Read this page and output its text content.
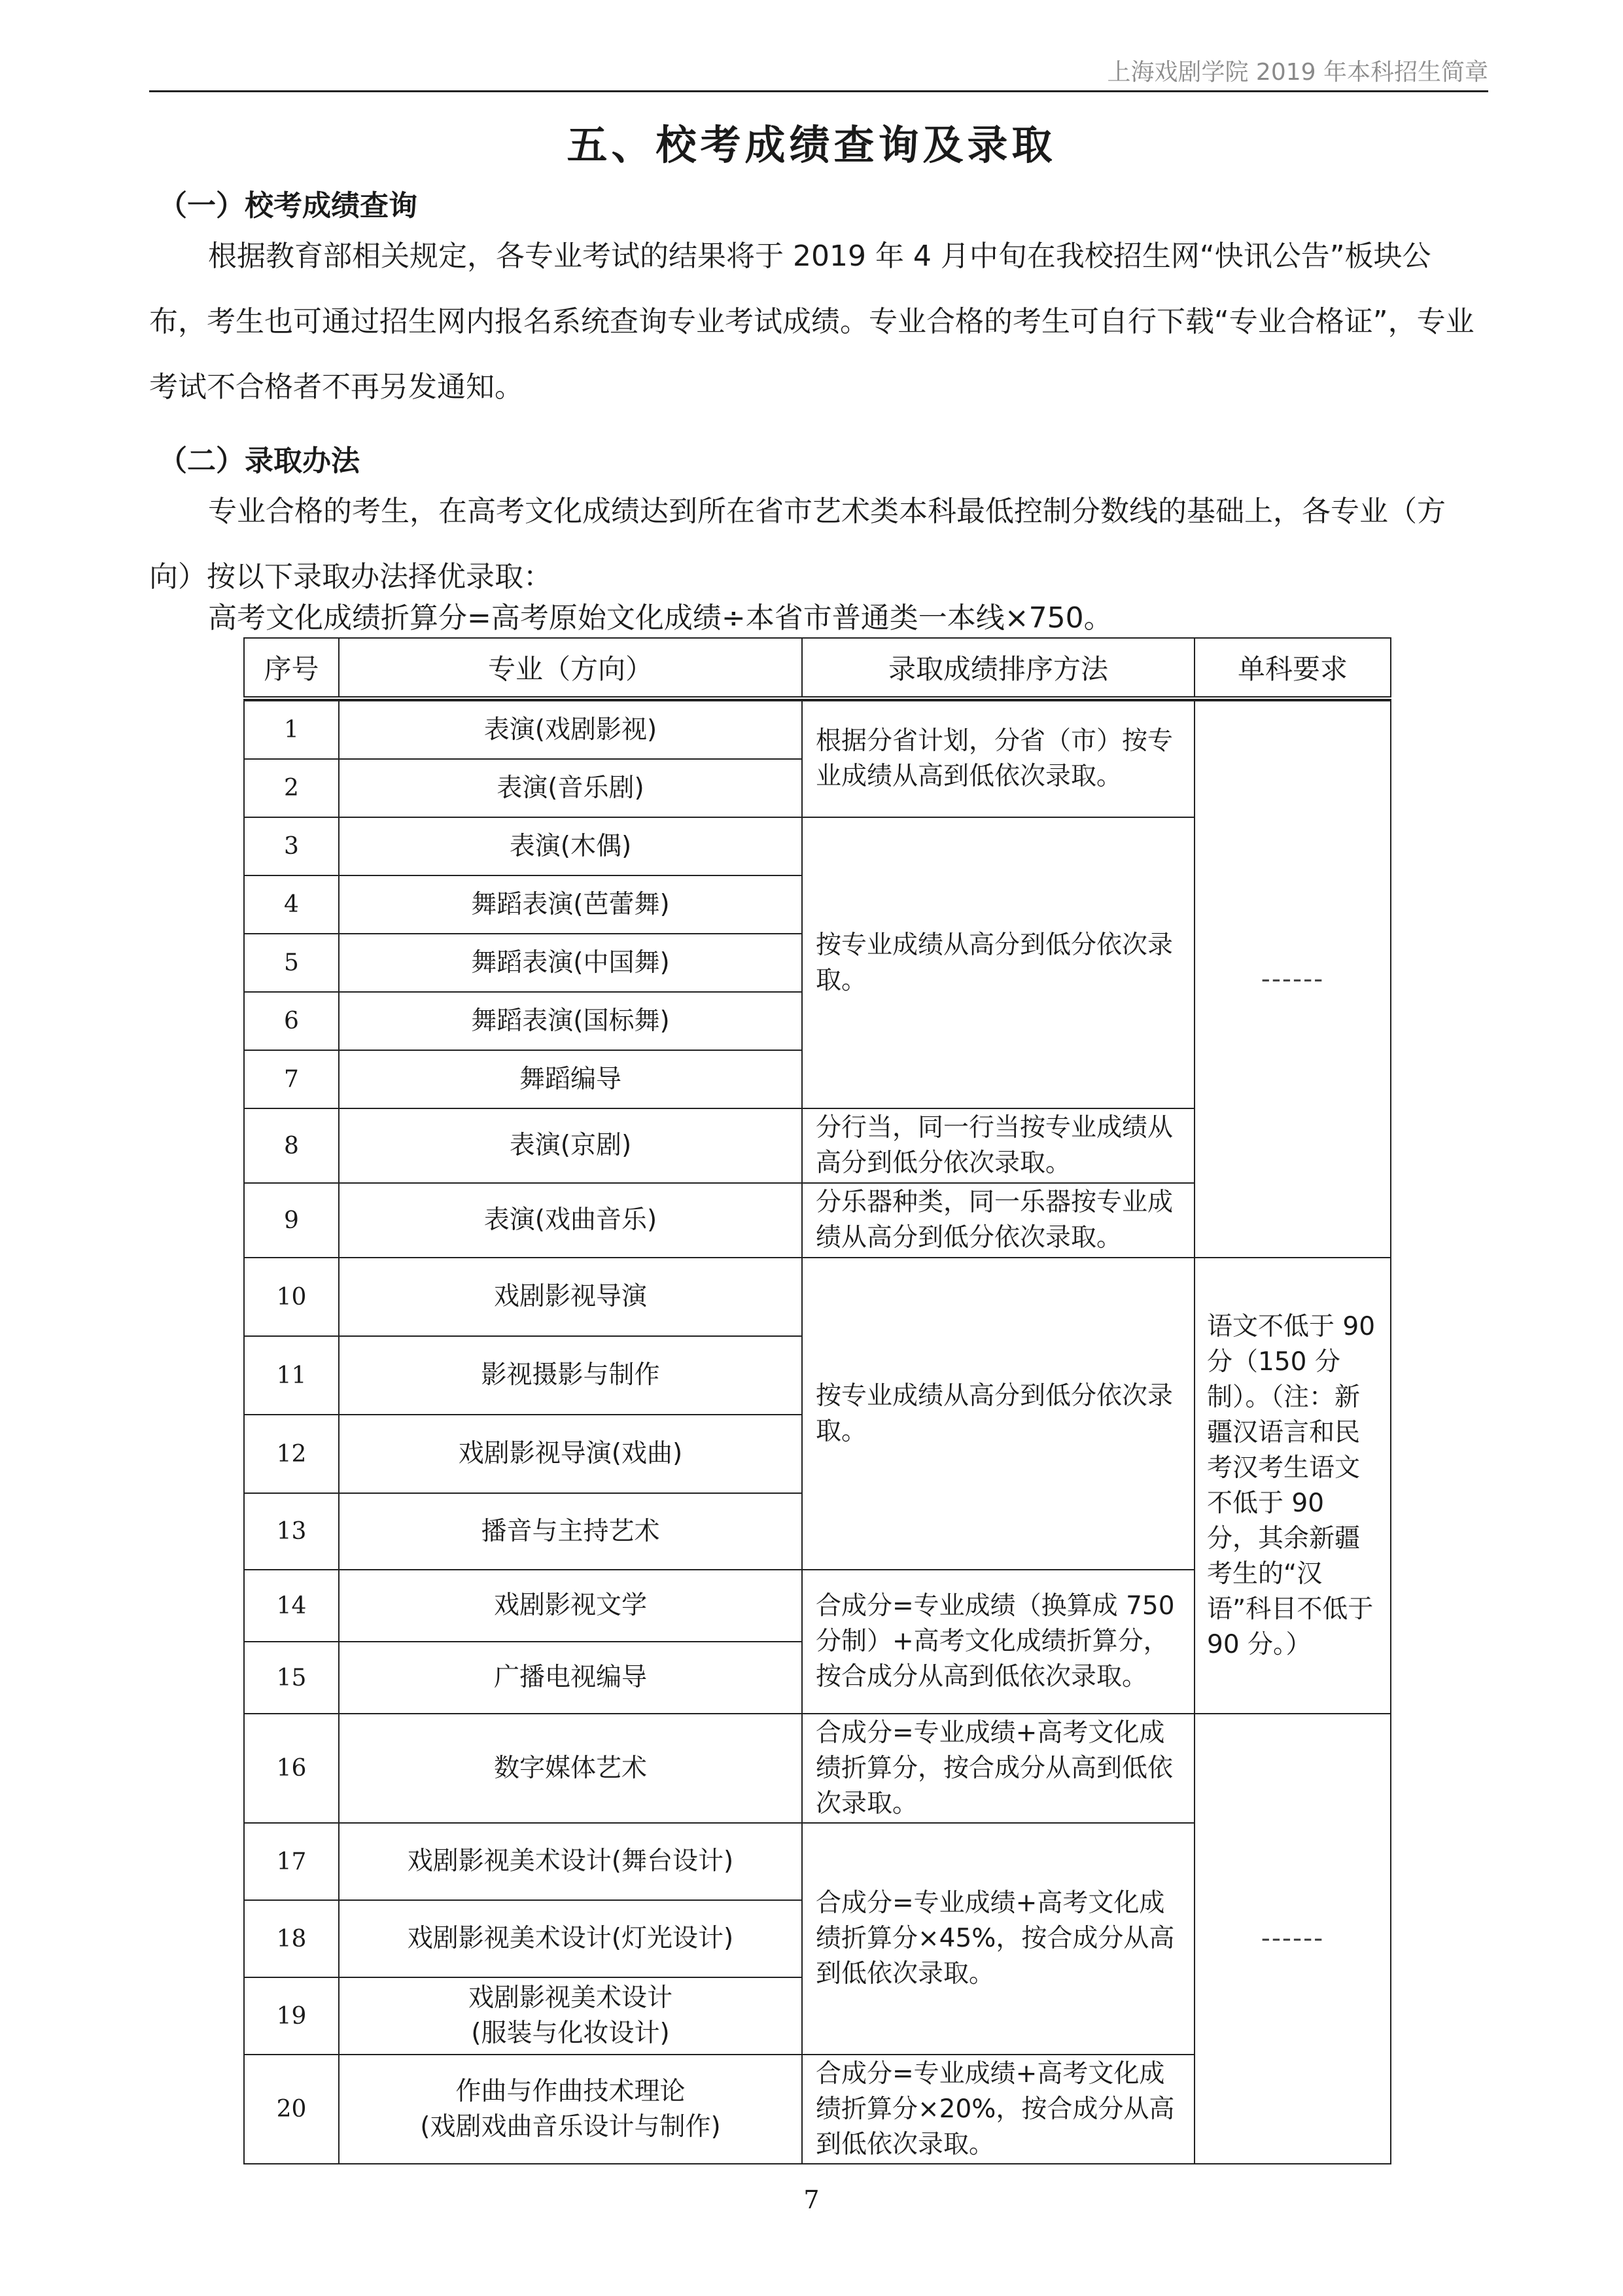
上海戏剧学院 2019 年本科招生简章
五、校考成绩查询及录取
（一）校考成绩查询
根据教育部相关规定，各专业考试的结果将于 2019 年 4 月中旬在我校招生网“快讯公告”板块公布，考生也可通过招生网内报名系统查询专业考试成绩。专业合格的考生可自行下载“专业合格证”，专业考试不合格者不再另发通知。
（二）录取办法
专业合格的考生，在高考文化成绩达到所在省市艺术类本科最低控制分数线的基础上，各专业（方向）按以下录取办法择优录取：
高考文化成绩折算分=高考原始文化成绩÷本省市普通类一本线×750。
序号	专业（方向）	录取成绩排序方法	单科要求

1	表演(戏剧影视)	根据分省计划，分省（市）按专业成绩从高到低依次录取。	------
2	表演(音乐剧)		
3	表演(木偶)	按专业成绩从高分到低分依次录取。	
4	舞蹈表演(芭蕾舞)		
5	舞蹈表演(中国舞)		
6	舞蹈表演(国标舞)		
7	舞蹈编导		
8	表演(京剧)	分行当，同一行当按专业成绩从高分到低分依次录取。	
9	表演(戏曲音乐)	分乐器种类，同一乐器按专业成绩从高分到低分依次录取。	
10	戏剧影视导演	按专业成绩从高分到低分依次录取。	语文不低于 90 分（150 分制）。（注：新疆汉语言和民考汉考生语文不低于 90 分，其余新疆考生的“汉语”科目不低于 90 分。）

11	影视摄影与制作		
12	戏剧影视导演(戏曲)		
13	播音与主持艺术		
14	戏剧影视文学	合成分=专业成绩（换算成 750 分制）+高考文化成绩折算分，按合成分从高到低依次录取。	
15	广播电视编导		
16	数字媒体艺术	合成分=专业成绩+高考文化成绩折算分，按合成分从高到低依次录取。	------
17	戏剧影视美术设计(舞台设计)	合成分=专业成绩+高考文化成绩折算分×45%，按合成分从高到低依次录取。	
18	戏剧影视美术设计(灯光设计)		
19	戏剧影视美术设计
(服装与化妆设计)		

20	作曲与作曲技术理论
(戏剧戏曲音乐设计与制作)	合成分=专业成绩+高考文化成绩折算分×20%，按合成分从高到低依次录取。	
7
